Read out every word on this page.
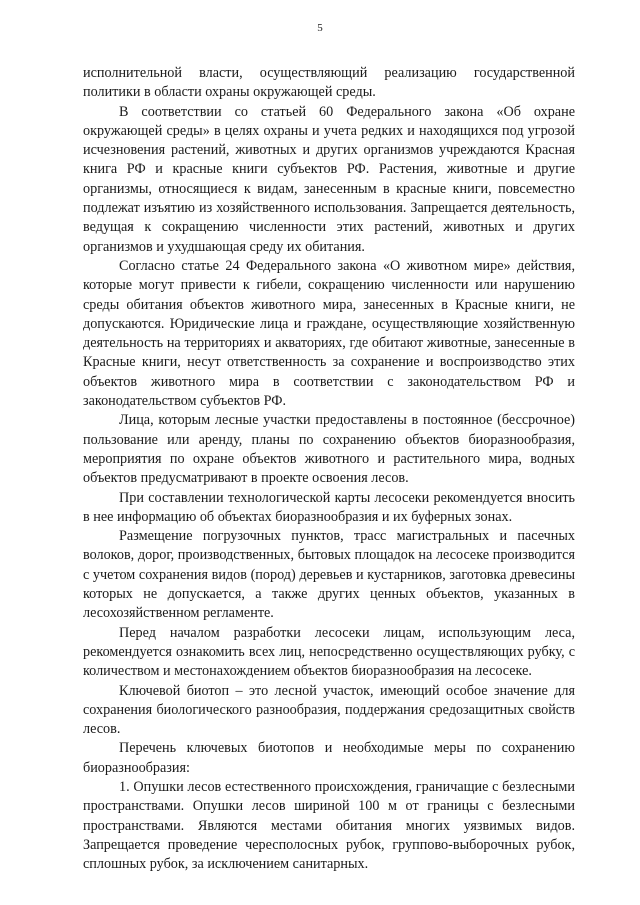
5

исполнительной власти, осуществляющий реализацию государственной политики в области охраны окружающей среды.

В соответствии со статьей 60 Федерального закона «Об охране окружающей среды» в целях охраны и учета редких и находящихся под угрозой исчезновения растений, животных и других организмов учреждаются Красная книга РФ и красные книги субъектов РФ. Растения, животные и другие организмы, относящиеся к видам, занесенным в красные книги, повсеместно подлежат изъятию из хозяйственного использования. Запрещается деятельность, ведущая к сокращению численности этих растений, животных и других организмов и ухудшающая среду их обитания.

Согласно статье 24 Федерального закона «О животном мире» действия, которые могут привести к гибели, сокращению численности или нарушению среды обитания объектов животного мира, занесенных в Красные книги, не допускаются. Юридические лица и граждане, осуществляющие хозяйственную деятельность на территориях и акваториях, где обитают животные, занесенные в Красные книги, несут ответственность за сохранение и воспроизводство этих объектов животного мира в соответствии с законодательством РФ и законодательством субъектов РФ.

Лица, которым лесные участки предоставлены в постоянное (бессрочное) пользование или аренду, планы по сохранению объектов биоразнообразия, мероприятия по охране объектов животного и растительного мира, водных объектов предусматривают в проекте освоения лесов.

При составлении технологической карты лесосеки рекомендуется вносить в нее информацию об объектах биоразнообразия и их буферных зонах.

Размещение погрузочных пунктов, трасс магистральных и пасечных волоков, дорог, производственных, бытовых площадок на лесосеке производится с учетом сохранения видов (пород) деревьев и кустарников, заготовка древесины которых не допускается, а также других ценных объектов, указанных в лесохозяйственном регламенте.

Перед началом разработки лесосеки лицам, использующим леса, рекомендуется ознакомить всех лиц, непосредственно осуществляющих рубку, с количеством и местонахождением объектов биоразнообразия на лесосеке.

Ключевой биотоп – это лесной участок, имеющий особое значение для сохранения биологического разнообразия, поддержания средозащитных свойств лесов.

Перечень ключевых биотопов и необходимые меры по сохранению биоразнообразия:

1. Опушки лесов естественного происхождения, граничащие с безлесными пространствами. Опушки лесов шириной 100 м от границы с безлесными пространствами. Являются местами обитания многих уязвимых видов. Запрещается проведение чересполосных рубок, группово-выборочных рубок, сплошных рубок, за исключением санитарных.
